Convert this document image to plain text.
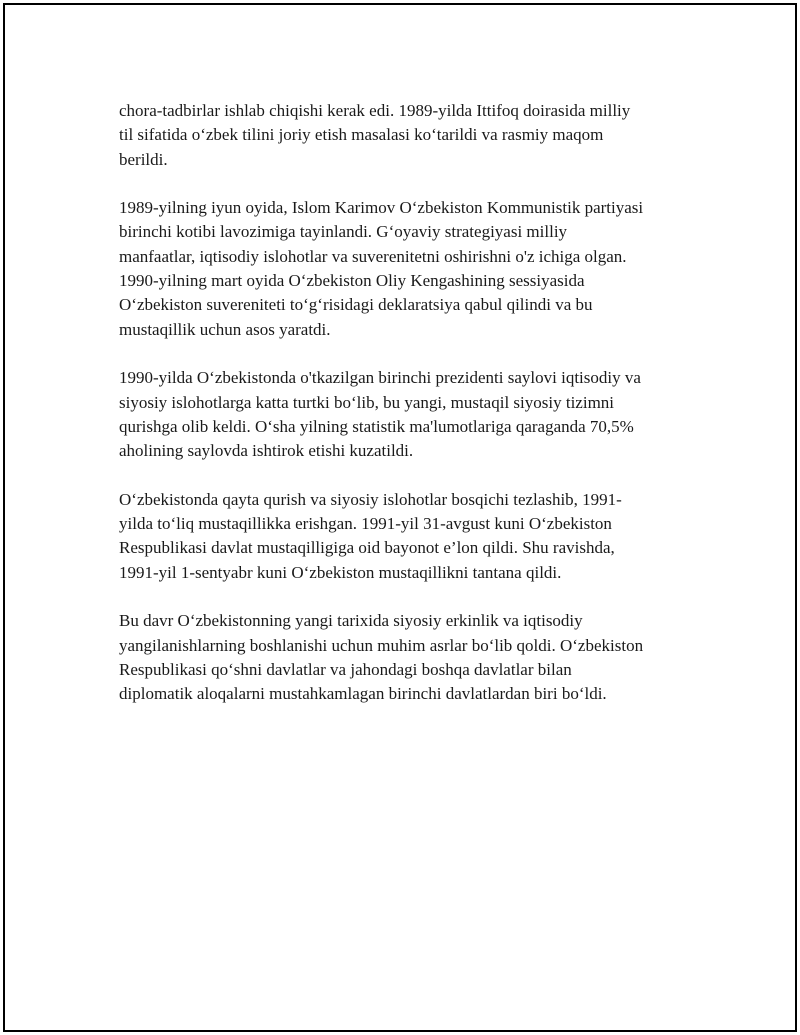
chora-tadbirlar ishlab chiqishi kerak edi. 1989-yilda Ittifoq doirasida milliy
til sifatida oʻzbek tilini joriy etish masalasi koʻtarildi va rasmiy maqom
berildi.

1989-yilning iyun oyida, Islom Karimov Oʻzbekiston Kommunistik partiyasi
birinchi kotibi lavozimiga tayinlandi. Gʻoyaviy strategiyasi milliy
manfaatlar, iqtisodiy islohotlar va suverenitetni oshirishni o'z ichiga olgan.
1990-yilning mart oyida Oʻzbekiston Oliy Kengashining sessiyasida
Oʻzbekiston suvereniteti toʻgʻrisidagi deklaratsiya qabul qilindi va bu
mustaqillik uchun asos yaratdi.

1990-yilda Oʻzbekistonda o'tkazilgan birinchi prezidenti saylovi iqtisodiy va
siyosiy islohotlarga katta turtki boʻlib, bu yangi, mustaqil siyosiy tizimni
qurishga olib keldi. Oʻsha yilning statistik ma'lumotlariga qaraganda 70,5%
aholining saylovda ishtirok etishi kuzatildi.

Oʻzbekistonda qayta qurish va siyosiy islohotlar bosqichi tezlashib, 1991-
yilda toʻliq mustaqillikka erishgan. 1991-yil 31-avgust kuni Oʻzbekiston
Respublikasi davlat mustaqilligiga oid bayonot e’lon qildi. Shu ravishda,
1991-yil 1-sentyabr kuni Oʻzbekiston mustaqillikni tantana qildi.

Bu davr Oʻzbekistonning yangi tarixida siyosiy erkinlik va iqtisodiy
yangilanishlarning boshlanishi uchun muhim asrlar boʻlib qoldi. Oʻzbekiston
Respublikasi qoʻshni davlatlar va jahondagi boshqa davlatlar bilan
diplomatik aloqalarni mustahkamlagan birinchi davlatlardan biri boʻldi.
